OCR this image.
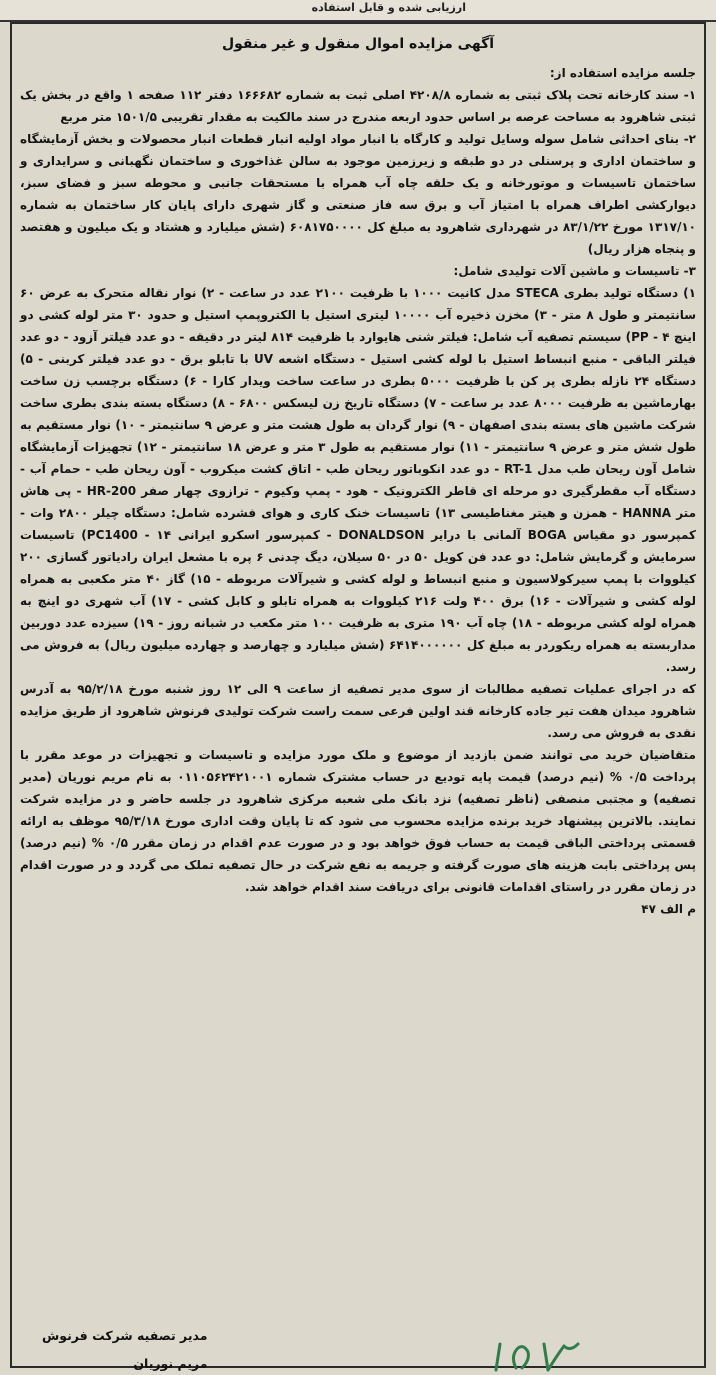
ارزیابی شده و قابل استفاده
آگهی مزایده اموال منقول و غیر منقول

جلسه مزایده استفاده از:

۱- سند کارخانه تحت پلاک ثبتی به شماره ۴۲۰۸/۸ اصلی ثبت به شماره ۱۶۶۶۸۲ دفتر ۱۱۲ صفحه ۱ واقع در بخش یک ثبتی شاهرود به مساحت عرصه بر اساس حدود اربعه مندرج در سند مالکیت به مقدار تقریبی ۱۵۰۱/۵ متر مربع

۲- بنای احداثی شامل سوله وسایل تولید و کارگاه با انبار مواد اولیه انبار قطعات انبار محصولات و بخش آزمایشگاه و ساختمان اداری و پرسنلی در دو طبقه و زیرزمین موجود به سالن غذاخوری و ساختمان نگهبانی و سرایداری و ساختمان تاسیسات و موتورخانه و یک حلقه چاه آب همراه با مستحقات جانبی و محوطه سبز و فضای سبز، دیوارکشی اطراف همراه با امتیاز آب و برق سه فاز صنعتی و گاز شهری دارای پایان کار ساختمان به شماره ۱۳۱۷/۱۰ مورخ ۸۳/۱/۲۲ در شهرداری شاهرود به مبلغ کل ۶۰۸۱۷۵۰۰۰۰ (شش میلیارد و هشتاد و یک میلیون و هفتصد و پنجاه هزار ریال)

۳- تاسیسات و ماشین آلات تولیدی شامل:

۱) دستگاه تولید بطری STECA مدل کانیت ۱۰۰۰ با ظرفیت ۲۱۰۰ عدد در ساعت - ۲) نوار نقاله متحرک به عرض ۶۰ سانتیمتر و طول ۸ متر - ۳) مخزن ذخیره آب ۱۰۰۰۰ لیتری استیل با الکتروپمپ استیل و حدود ۳۰ متر لوله کشی دو اینچ PP - ۴) سیستم تصفیه آب شامل: فیلتر شنی هایوارد با ظرفیت ۸۱۴ لیتر در دقیقه - دو عدد فیلتر آزود - دو عدد فیلتر الباقی - منبع انبساط استیل با لوله کشی استیل - دستگاه اشعه UV با تابلو برق - دو عدد فیلتر کربنی - ۵) دستگاه ۲۴ نازله بطری پر کن با ظرفیت ۵۰۰۰ بطری در ساعت ساخت ویدار کارا - ۶) دستگاه برچسب زن ساخت بهارماشین به ظرفیت ۸۰۰۰ عدد بر ساعت - ۷) دستگاه تاریخ زن لیسکس ۶۸۰۰ - ۸) دستگاه بسته بندی بطری ساخت شرکت ماشین های بسته بندی اصفهان - ۹) نوار گردان به طول هشت متر و عرض ۹ سانتیمتر - ۱۰) نوار مستقیم به طول شش متر و عرض ۹ سانتیمتر - ۱۱) نوار مستقیم به طول ۳ متر و عرض ۱۸ سانتیمتر - ۱۲) تجهیزات آزمایشگاه شامل آون ریحان طب مدل RT-1 - دو عدد انکوباتور ریحان طب - اتاق کشت میکروب - آون ریحان طب - حمام آب - دستگاه آب مقطرگیری دو مرحله ای قاطر الکترونیک - هود - پمپ وکیوم - ترازوی چهار صفر HR-200 - پی هاش متر HANNA - همزن و هیتر مغناطیسی ۱۳) تاسیسات خنک کاری و هوای فشرده شامل: دستگاه چیلر ۲۸۰۰ وات - کمپرسور دو مقیاس BOGA آلمانی با درایر DONALDSON - کمپرسور اسکرو ایرانی PC1400 - ۱۴) تاسیسات سرمایش و گرمایش شامل: دو عدد فن کویل ۵۰ در ۵۰ سیلان، دیگ چدنی ۶ پره با مشعل ایران رادیاتور گسازی ۲۰۰ کیلووات با پمپ سیرکولاسیون و منبع انبساط و لوله کشی و شیرآلات مربوطه - ۱۵) گاز ۴۰ متر مکعبی به همراه لوله کشی و شیرآلات - ۱۶) برق ۴۰۰ ولت ۲۱۶ کیلووات به همراه تابلو و کابل کشی - ۱۷) آب شهری دو اینچ به همراه لوله کشی مربوطه - ۱۸) چاه آب ۱۹۰ متری به ظرفیت ۱۰۰ متر مکعب در شبانه روز - ۱۹) سیزده عدد دوربین مداربسته به همراه ریکوردر به مبلغ کل ۶۴۱۴۰۰۰۰۰۰ (شش میلیارد و چهارصد و چهارده میلیون ریال) به فروش می رسد.

که در اجرای عملیات تصفیه مطالبات از سوی مدیر تصفیه از ساعت ۹ الی ۱۲ روز شنبه مورخ ۹۵/۲/۱۸ به آدرس شاهرود میدان هفت تیر جاده کارخانه قند اولین فرعی سمت راست شرکت تولیدی فرنوش شاهرود از طریق مزایده نقدی به فروش می رسد.

متقاضیان خرید می توانند ضمن بازدید از موضوع و ملک مورد مزایده و تاسیسات و تجهیزات در موعد مقرر با پرداخت ۰/۵ % (نیم درصد) قیمت پایه تودیع در حساب مشترک شماره ۰۱۱۰۵۶۲۴۲۱۰۰۱ به نام مریم نوریان (مدیر تصفیه) و مجتبی منصفی (ناظر تصفیه) نزد بانک ملی شعبه مرکزی شاهرود در جلسه حاضر و در مزایده شرکت نمایند. بالاترین پیشنهاد خرید برنده مزایده محسوب می شود که تا پایان وقت اداری مورخ ۹۵/۳/۱۸ موظف به ارائه قسمتی پرداختی الباقی قیمت به حساب فوق خواهد بود و در صورت عدم اقدام در زمان مقرر ۰/۵ % (نیم درصد) پس پرداختی بابت هزینه های صورت گرفته و جریمه به نفع شرکت در حال تصفیه تملک می گردد و در صورت اقدام در زمان مقرر در راستای اقدامات قانونی برای دریافت سند اقدام خواهد شد.

م الف ۴۷

مدیر تصفیه شرکت فرنوش
مریم نوریان
